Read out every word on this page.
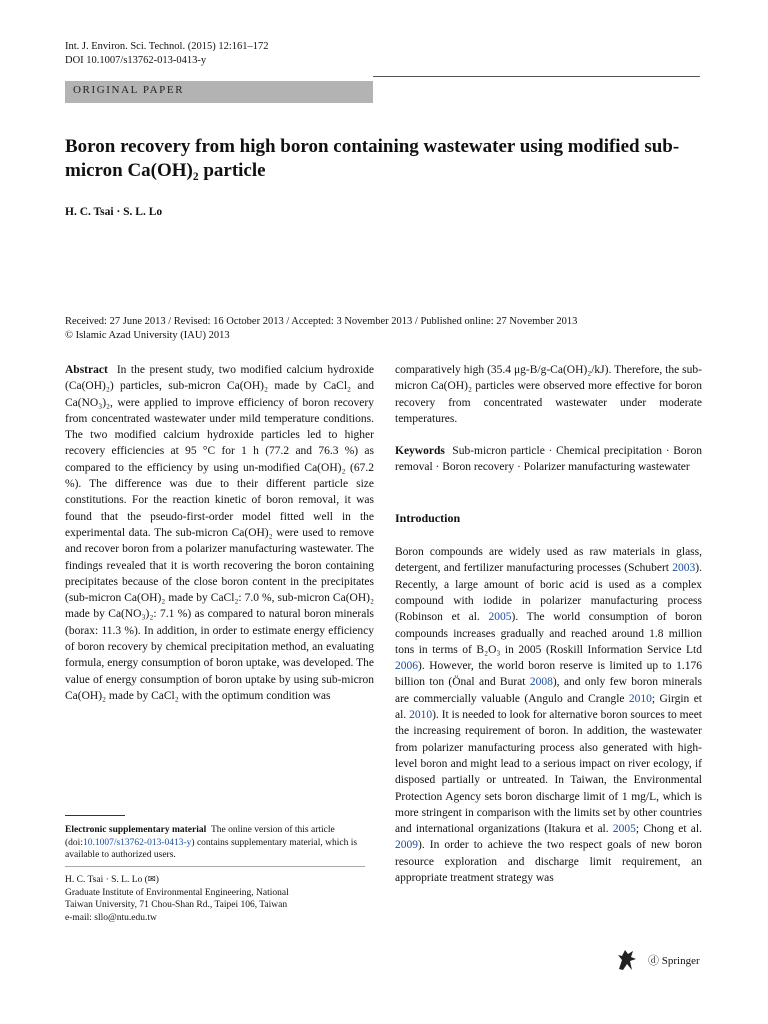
Int. J. Environ. Sci. Technol. (2015) 12:161–172
DOI 10.1007/s13762-013-0413-y
ORIGINAL PAPER
Boron recovery from high boron containing wastewater using modified sub-micron Ca(OH)₂ particle
H. C. Tsai · S. L. Lo
Received: 27 June 2013 / Revised: 16 October 2013 / Accepted: 3 November 2013 / Published online: 27 November 2013
© Islamic Azad University (IAU) 2013

Abstract In the present study, two modified calcium hydroxide (Ca(OH)₂) particles, sub-micron Ca(OH)₂ made by CaCl₂ and Ca(NO₃)₂, were applied to improve efficiency of boron recovery from concentrated wastewater under mild temperature conditions. The two modified calcium hydroxide particles led to higher recovery efficiencies at 95 °C for 1 h (77.2 and 76.3 %) as compared to the efficiency by using un-modified Ca(OH)₂ (67.2 %). The difference was due to their different particle size constitutions. For the reaction kinetic of boron removal, it was found that the pseudo-first-order model fitted well in the experimental data. The sub-micron Ca(OH)₂ were used to remove and recover boron from a polarizer manufacturing wastewater. The findings revealed that it is worth recovering the boron containing precipitates because of the close boron content in the precipitates (sub-micron Ca(OH)₂ made by CaCl₂: 7.0 %, sub-micron Ca(OH)₂ made by Ca(NO₃)₂: 7.1 %) as compared to natural boron minerals (borax: 11.3 %). In addition, in order to estimate energy efficiency of boron recovery by chemical precipitation method, an evaluating formula, energy consumption of boron uptake, was developed. The value of energy consumption of boron uptake by using sub-micron Ca(OH)₂ made by CaCl₂ with the optimum condition was

comparatively high (35.4 μg-B/g-Ca(OH)₂/kJ). Therefore, the sub-micron Ca(OH)₂ particles were observed more effective for boron recovery from concentrated wastewater under moderate temperatures.

Keywords Sub-micron particle · Chemical precipitation · Boron removal · Boron recovery · Polarizer manufacturing wastewater

Introduction

Boron compounds are widely used as raw materials in glass, detergent, and fertilizer manufacturing processes (Schubert 2003). Recently, a large amount of boric acid is used as a complex compound with iodide in polarizer manufacturing process (Robinson et al. 2005). The world consumption of boron compounds increases gradually and reached around 1.8 million tons in terms of B₂O₃ in 2005 (Roskill Information Service Ltd 2006). However, the world boron reserve is limited up to 1.176 billion ton (Önal and Burat 2008), and only few boron minerals are commercially valuable (Angulo and Crangle 2010; Girgin et al. 2010). It is needed to look for alternative boron sources to meet the increasing requirement of boron. In addition, the wastewater from polarizer manufacturing process also generated with high-level boron and might lead to a serious impact on river ecology, if disposed partially or untreated. In Taiwan, the Environmental Protection Agency sets boron discharge limit of 1 mg/L, which is more stringent in comparison with the limits set by other countries and international organizations (Itakura et al. 2005; Chong et al. 2009). In order to achieve the two respect goals of new boron resource exploration and discharge limit requirement, an appropriate treatment strategy was

Electronic supplementary material The online version of this article (doi:10.1007/s13762-013-0413-y) contains supplementary material, which is available to authorized users.
H. C. Tsai · S. L. Lo (✉)
Graduate Institute of Environmental Engineering, National
Taiwan University, 71 Chou-Shan Rd., Taipei 106, Taiwan
e-mail: sllo@ntu.edu.tw
ⓓ Springer
